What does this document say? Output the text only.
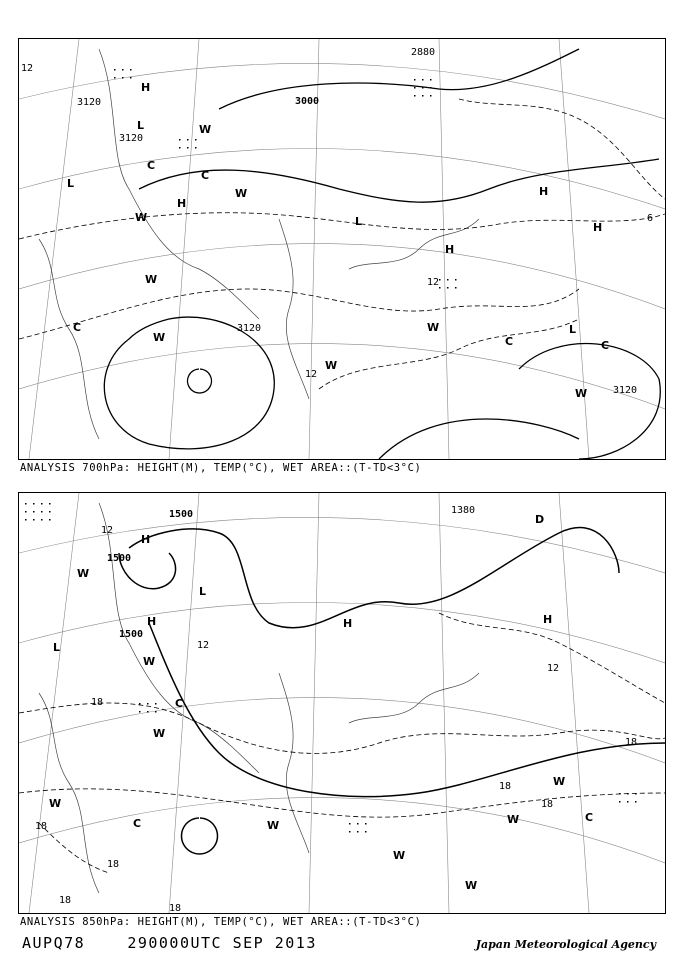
12
3120
3120
2880
3000
3120
3120
12
12
6
H
L
L
L
H
C
C
W
W
W
W
H
H
W
C	W
W
C	C
W
L
H
ANALYSIS 700hPa: HEIGHT(M), TEMP(°C), WET AREA::(T-TD<3°C)
1500
1500
1500
1380
12
12
18
18
12
18
18
18
18
18
18
H
L
L
H	H
W
W
C
W
C
H
W
W
W
W
W	C
W
D
ANALYSIS 850hPa: HEIGHT(M), TEMP(°C), WET AREA::(T-TD<3°C)
AUPQ78	290000UTC SEP 2013	Japan Meteorological Agency
